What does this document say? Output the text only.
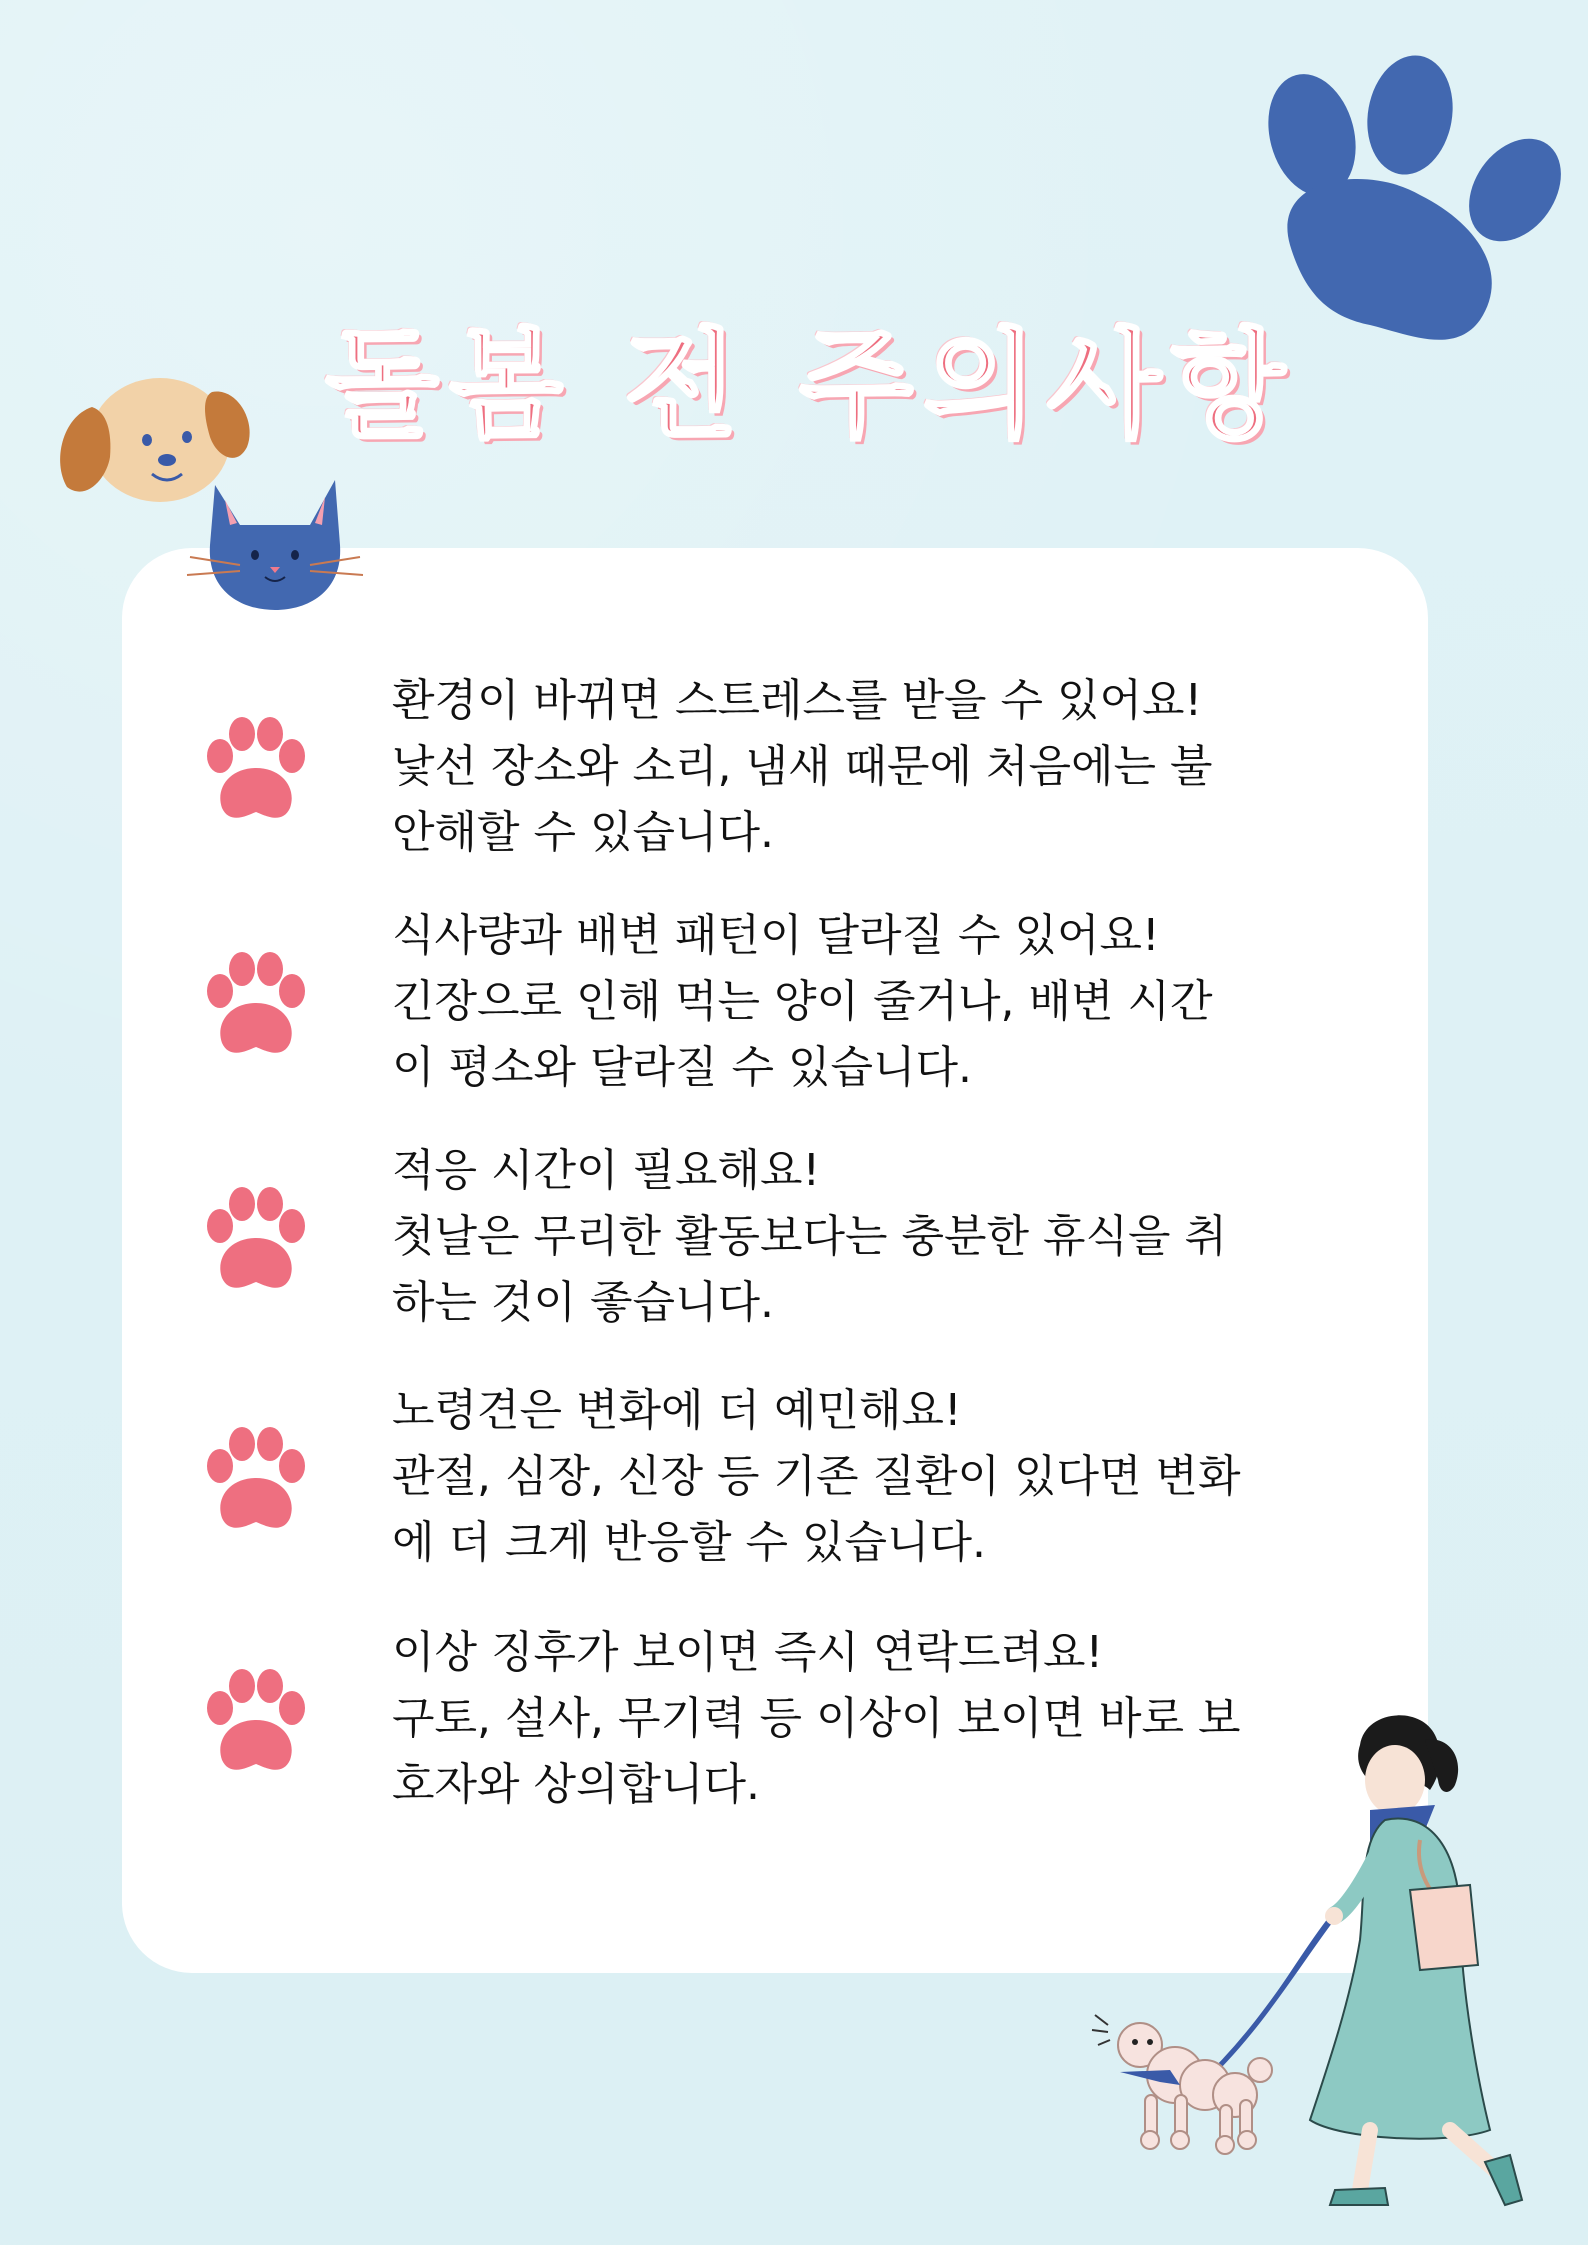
돌봄 전 주의사항

환경이 바뀌면 스트레스를 받을 수 있어요!

낯선 장소와 소리, 냄새 때문에 처음에는 불
안해할 수 있습니다.

식사량과 배변 패턴이 달라질 수 있어요!

긴장으로 인해 먹는 양이 줄거나, 배변 시간
이 평소와 달라질 수 있습니다.

적응 시간이 필요해요!

첫날은 무리한 활동보다는 충분한 휴식을 취
하는 것이 좋습니다.

노령견은 변화에 더 예민해요!

관절, 심장, 신장 등 기존 질환이 있다면 변화
에 더 크게 반응할 수 있습니다.

이상 징후가 보이면 즉시 연락드려요!

구토, 설사, 무기력 등 이상이 보이면 바로 보
호자와 상의합니다.
